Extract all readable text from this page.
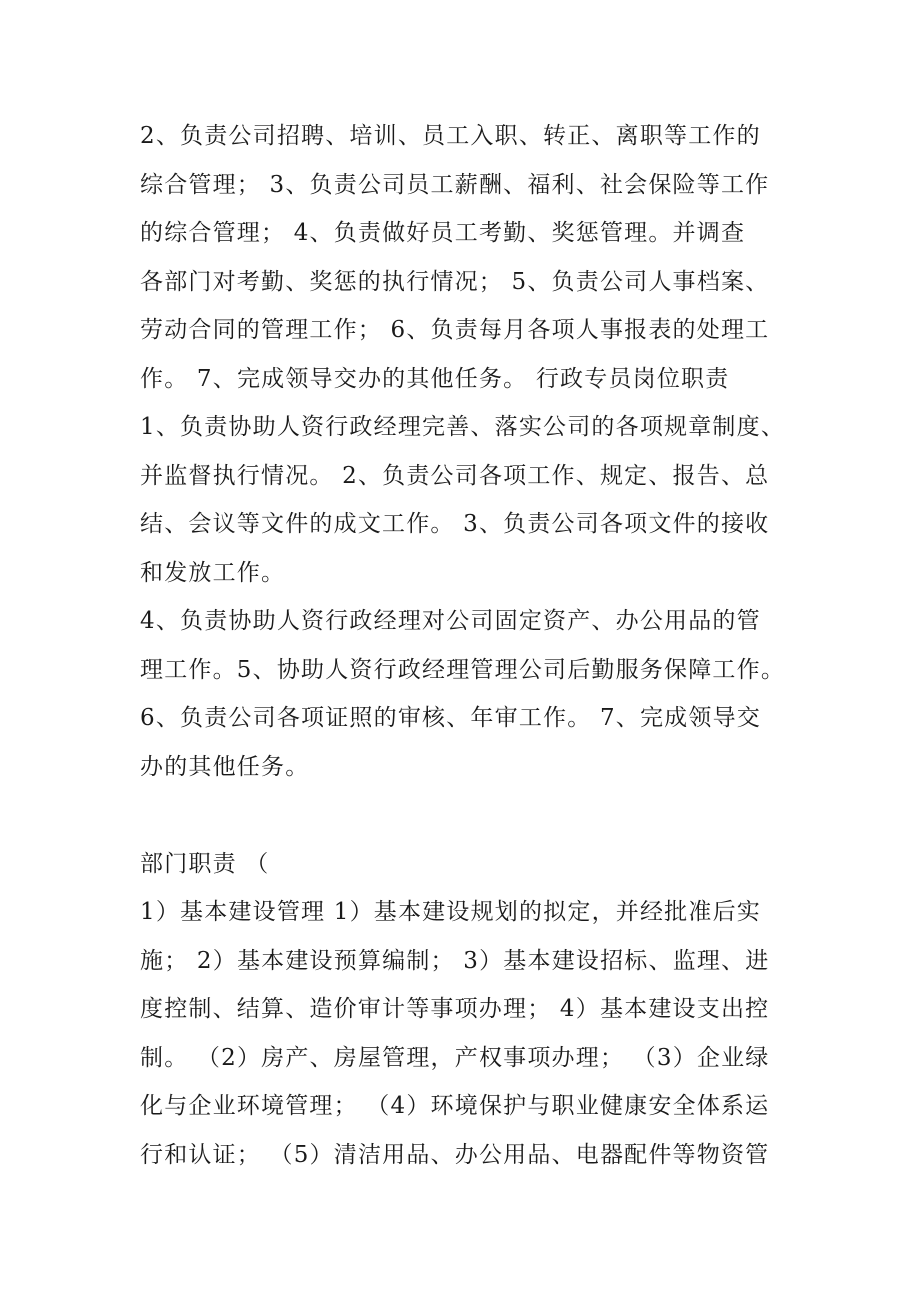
2、负责公司招聘、培训、员工入职、转正、离职等工作的
综合管理； 3、负责公司员工薪酬、福利、社会保险等工作
的综合管理； 4、负责做好员工考勤、奖惩管理。并调查
各部门对考勤、奖惩的执行情况； 5、负责公司人事档案、
劳动合同的管理工作； 6、负责每月各项人事报表的处理工
作。 7、完成领导交办的其他任务。 行政专员岗位职责
1、负责协助人资行政经理完善、落实公司的各项规章制度、
并监督执行情况。 2、负责公司各项工作、规定、报告、总
结、会议等文件的成文工作。 3、负责公司各项文件的接收
和发放工作。
4、负责协助人资行政经理对公司固定资产、办公用品的管
理工作。5、协助人资行政经理管理公司后勤服务保障工作。
6、负责公司各项证照的审核、年审工作。 7、完成领导交
办的其他任务。
部门职责 （
1）基本建设管理 1）基本建设规划的拟定，并经批准后实
施； 2）基本建设预算编制； 3）基本建设招标、监理、进
度控制、结算、造价审计等事项办理； 4）基本建设支出控
制。 （2）房产、房屋管理，产权事项办理； （3）企业绿
化与企业环境管理； （4）环境保护与职业健康安全体系运
行和认证； （5）清洁用品、办公用品、电器配件等物资管
